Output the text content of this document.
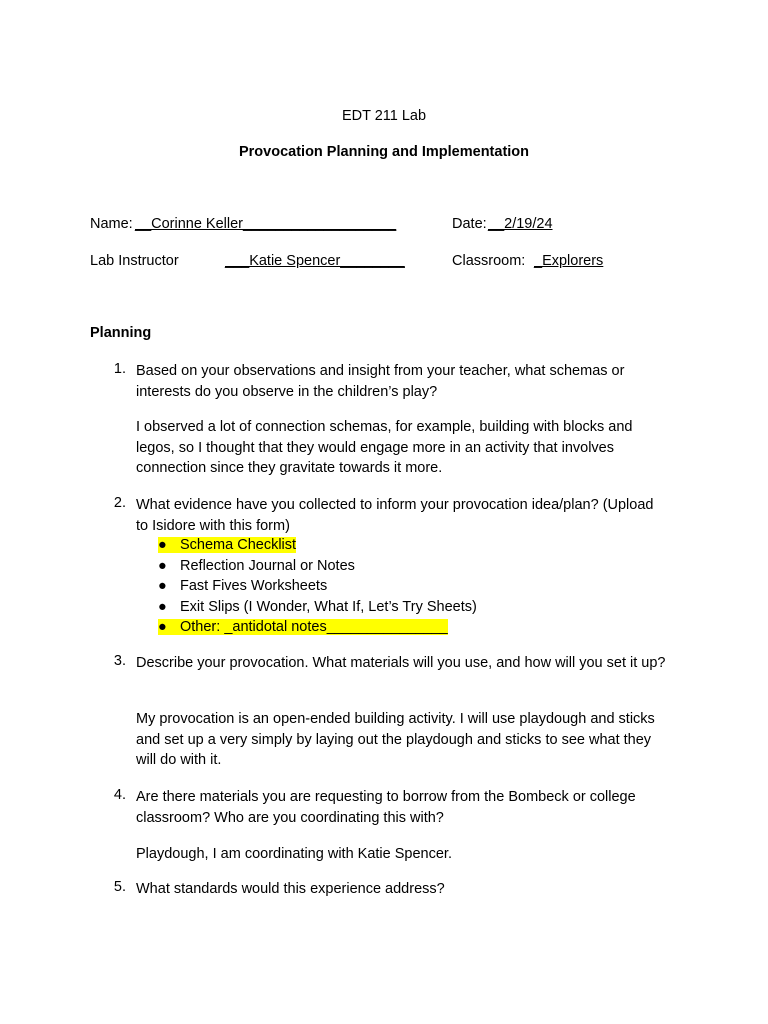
EDT 211 Lab
Provocation Planning and Implementation
Name: __Corinne Keller___________________	Date: __2/19/24
Lab Instructor	___Katie Spencer________	Classroom: _Explorers
Planning
1. Based on your observations and insight from your teacher, what schemas or interests do you observe in the children’s play?
I observed a lot of connection schemas, for example, building with blocks and legos, so I thought that they would engage more in an activity that involves connection since they gravitate towards it more.
2. What evidence have you collected to inform your provocation idea/plan? (Upload to Isidore with this form)
● Schema Checklist
● Reflection Journal or Notes
● Fast Fives Worksheets
● Exit Slips (I Wonder, What If, Let’s Try Sheets)
● Other: _antidotal notes_______________
3. Describe your provocation. What materials will you use, and how will you set it up?
My provocation is an open-ended building activity. I will use playdough and sticks and set up a very simply by laying out the playdough and sticks to see what they will do with it.
4. Are there materials you are requesting to borrow from the Bombeck or college classroom? Who are you coordinating this with?
Playdough, I am coordinating with Katie Spencer.
5. What standards would this experience address?
